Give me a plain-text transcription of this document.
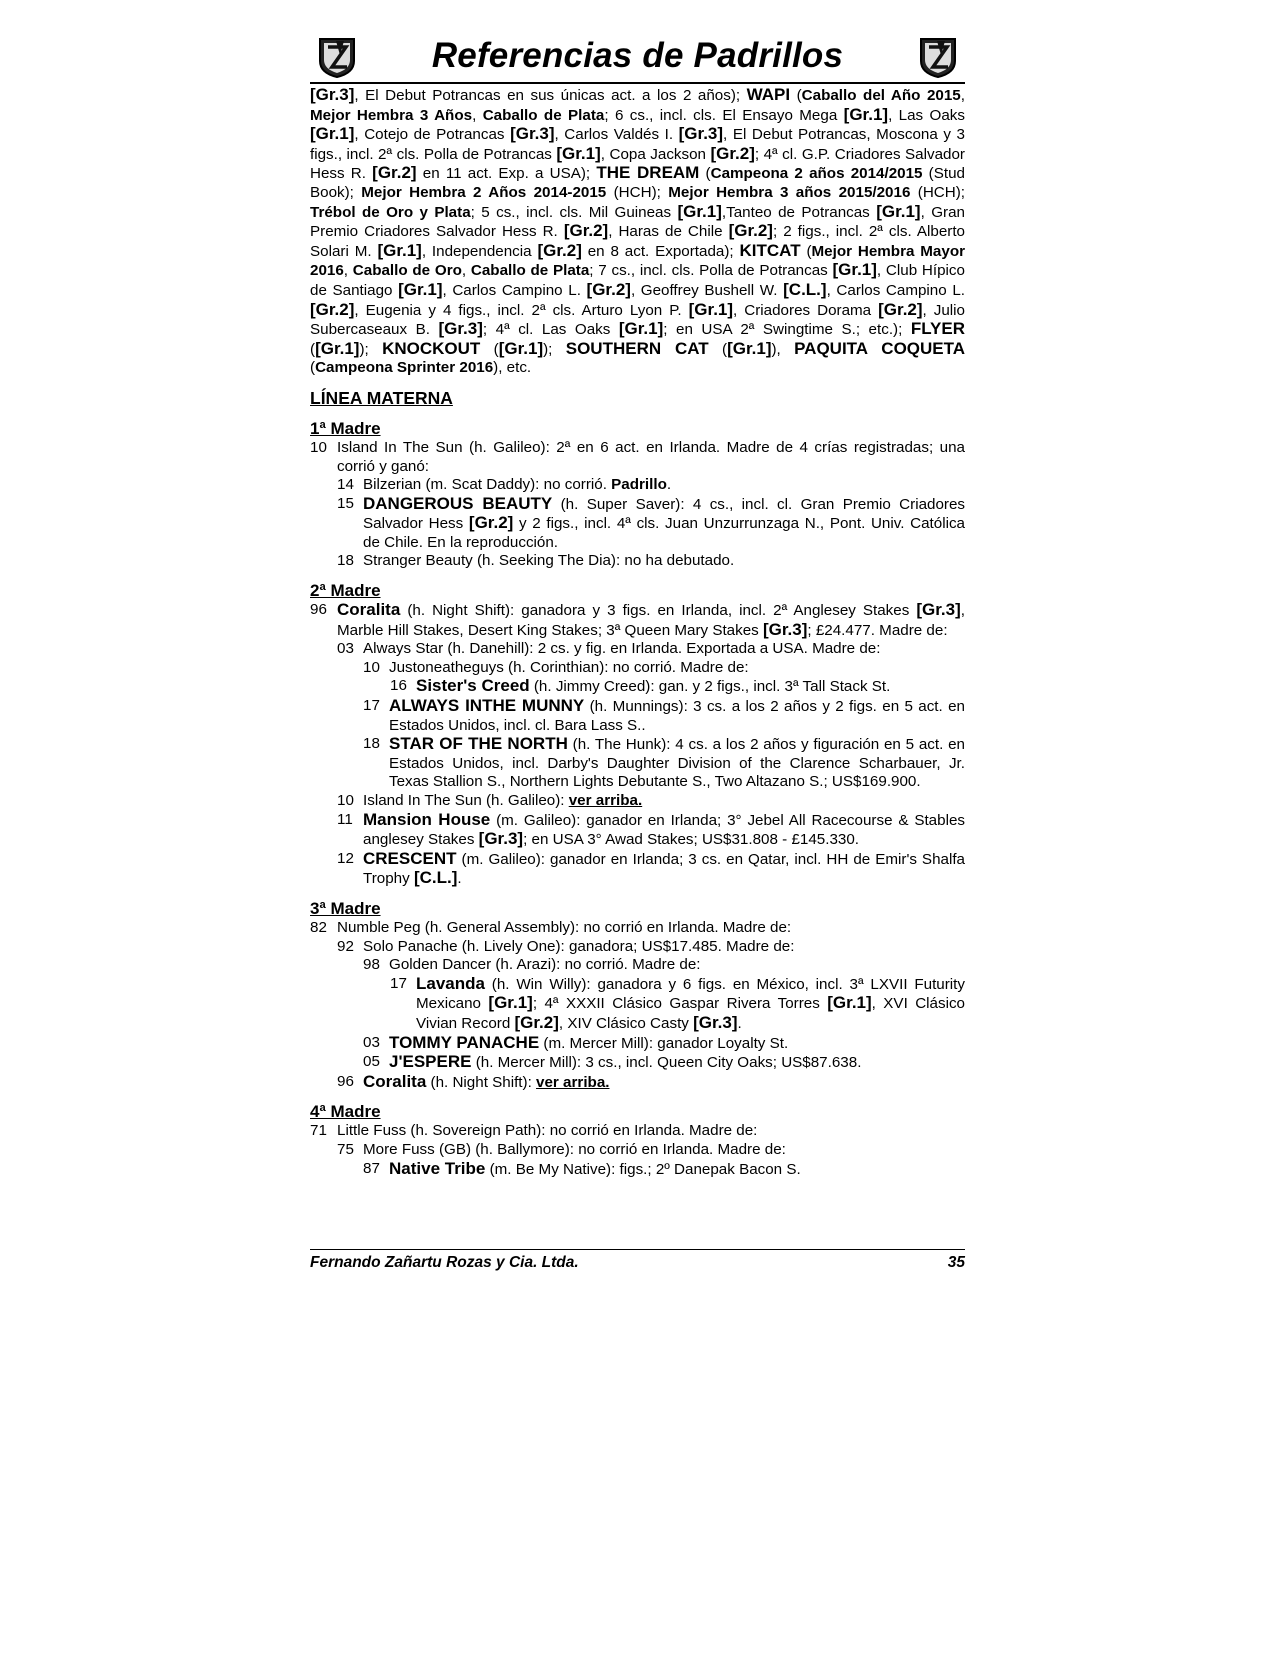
Referencias de Padrillos
[Gr.3], El Debut Potrancas en sus únicas act. a los 2 años); WAPI (Caballo del Año 2015, Mejor Hembra 3 Años, Caballo de Plata; 6 cs., incl. cls. El Ensayo Mega [Gr.1], Las Oaks [Gr.1], Cotejo de Potrancas [Gr.3], Carlos Valdés I. [Gr.3], El Debut Potrancas, Moscona y 3 figs., incl. 2ª cls. Polla de Potrancas [Gr.1], Copa Jackson [Gr.2]; 4ª cl. G.P. Criadores Salvador Hess R. [Gr.2] en 11 act. Exp. a USA); THE DREAM (Campeona 2 años 2014/2015 (Stud Book); Mejor Hembra 2 Años 2014-2015 (HCH); Mejor Hembra 3 años 2015/2016 (HCH); Trébol de Oro y Plata; 5 cs., incl. cls. Mil Guineas [Gr.1],Tanteo de Potrancas [Gr.1], Gran Premio Criadores Salvador Hess R. [Gr.2], Haras de Chile [Gr.2]; 2 figs., incl. 2ª cls. Alberto Solari M. [Gr.1], Independencia [Gr.2] en 8 act. Exportada); KITCAT (Mejor Hembra Mayor 2016, Caballo de Oro, Caballo de Plata; 7 cs., incl. cls. Polla de Potrancas [Gr.1], Club Hípico de Santiago [Gr.1], Carlos Campino L. [Gr.2], Geoffrey Bushell W. [C.L.], Carlos Campino L. [Gr.2], Eugenia y 4 figs., incl. 2ª cls. Arturo Lyon P. [Gr.1], Criadores Dorama [Gr.2], Julio Subercaseaux B. [Gr.3]; 4ª cl. Las Oaks [Gr.1]; en USA 2ª Swingtime S.; etc.); FLYER ([Gr.1]); KNOCKOUT ([Gr.1]); SOUTHERN CAT ([Gr.1]), PAQUITA COQUETA (Campeona Sprinter 2016), etc.
LÍNEA MATERNA
1ª Madre
10 Island In The Sun (h. Galileo): 2ª en 6 act. en Irlanda. Madre de 4 crías registradas; una corrió y ganó:
14 Bilzerian (m. Scat Daddy): no corrió. Padrillo.
15 DANGEROUS BEAUTY (h. Super Saver): 4 cs., incl. cl. Gran Premio Criadores Salvador Hess [Gr.2] y 2 figs., incl. 4ª cls. Juan Unzurrunzaga N., Pont. Univ. Católica de Chile. En la reproducción.
18 Stranger Beauty (h. Seeking The Dia): no ha debutado.
2ª Madre
96 Coralita (h. Night Shift): ganadora y 3 figs. en Irlanda, incl. 2ª Anglesey Stakes [Gr.3], Marble Hill Stakes, Desert King Stakes; 3ª Queen Mary Stakes [Gr.3]; £24.477. Madre de:
03 Always Star (h. Danehill): 2 cs. y fig. en Irlanda. Exportada a USA. Madre de:
10 Justoneatheguys (h. Corinthian): no corrió. Madre de:
16 Sister's Creed (h. Jimmy Creed): gan. y 2 figs., incl. 3ª Tall Stack St.
17 ALWAYS INTHE MUNNY (h. Munnings): 3 cs. a los 2 años y 2 figs. en 5 act. en Estados Unidos, incl. cl. Bara Lass S..
18 STAR OF THE NORTH (h. The Hunk): 4 cs. a los 2 años y figuración en 5 act. en Estados Unidos, incl. Darby's Daughter Division of the Clarence Scharbauer, Jr. Texas Stallion S., Northern Lights Debutante S., Two Altazano S.; US$169.900.
10 Island In The Sun (h. Galileo): ver arriba.
11 Mansion House (m. Galileo): ganador en Irlanda; 3° Jebel All Racecourse & Stables anglesey Stakes [Gr.3]; en USA 3° Awad Stakes; US$31.808 - £145.330.
12 CRESCENT (m. Galileo): ganador en Irlanda; 3 cs. en Qatar, incl. HH de Emir's Shalfa Trophy [C.L.].
3ª Madre
82 Numble Peg (h. General Assembly): no corrió en Irlanda. Madre de:
92 Solo Panache (h. Lively One): ganadora; US$17.485. Madre de:
98 Golden Dancer (h. Arazi): no corrió. Madre de:
17 Lavanda (h. Win Willy): ganadora y 6 figs. en México, incl. 3ª LXVII Futurity Mexicano [Gr.1]; 4ª XXXII Clásico Gaspar Rivera Torres [Gr.1], XVI Clásico Vivian Record [Gr.2], XIV Clásico Casty [Gr.3].
03 TOMMY PANACHE (m. Mercer Mill): ganador Loyalty St.
05 J'ESPERE (h. Mercer Mill): 3 cs., incl. Queen City Oaks; US$87.638.
96 Coralita (h. Night Shift): ver arriba.
4ª Madre
71 Little Fuss (h. Sovereign Path): no corrió en Irlanda. Madre de:
75 More Fuss (GB) (h. Ballymore): no corrió en Irlanda. Madre de:
87 Native Tribe (m. Be My Native): figs.; 2º Danepak Bacon S.
Fernando Zañartu Rozas y Cia. Ltda.	35
